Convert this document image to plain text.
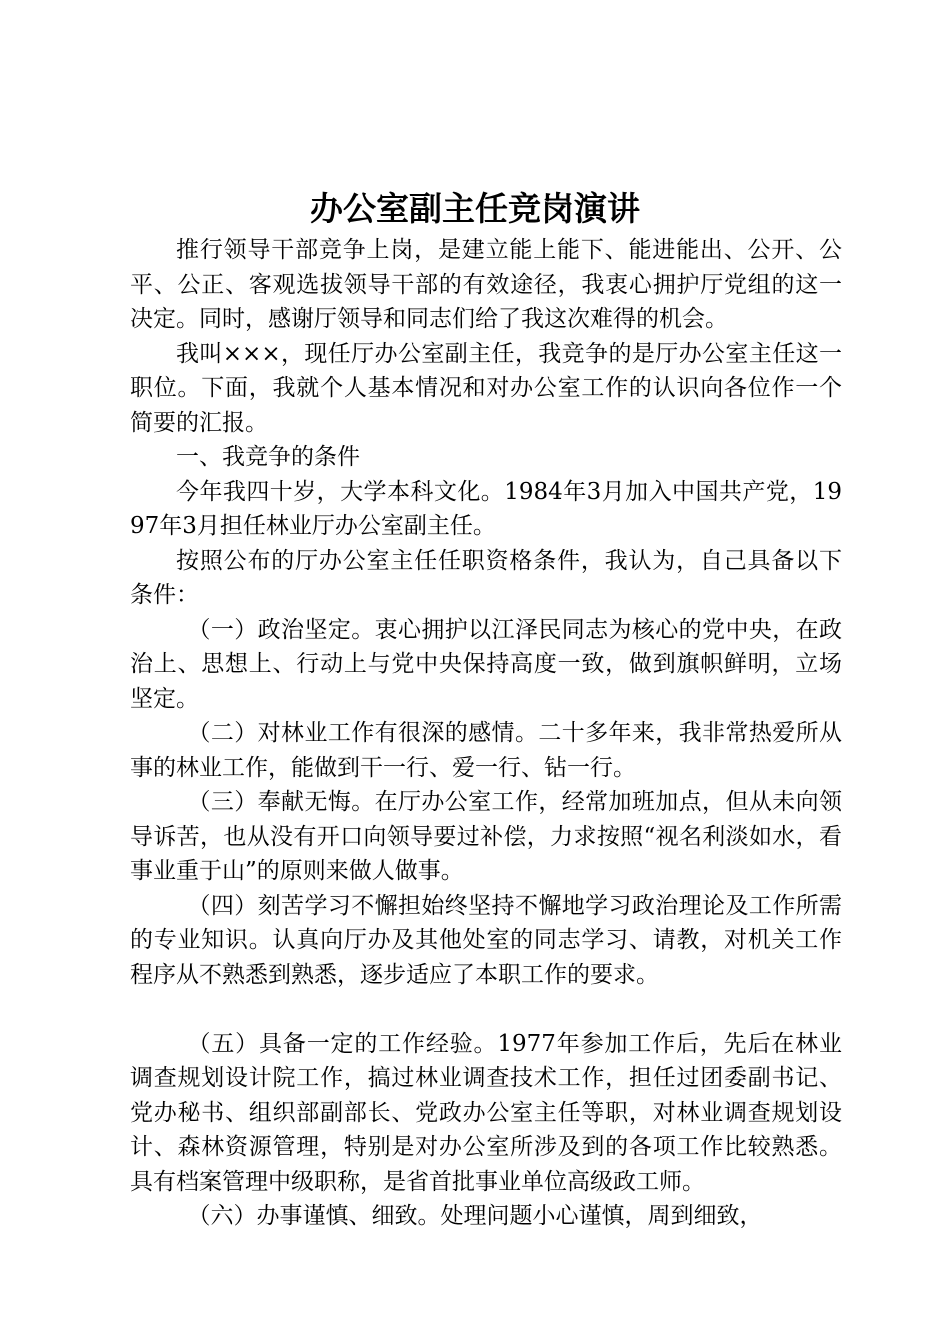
办公室副主任竞岗演讲

推行领导干部竞争上岗，是建立能上能下、能进能出、公开、公平、公正、客观选拔领导干部的有效途径，我衷心拥护厅党组的这一决定。同时，感谢厅领导和同志们给了我这次难得的机会。

我叫×××，现任厅办公室副主任，我竞争的是厅办公室主任这一职位。下面，我就个人基本情况和对办公室工作的认识向各位作一个简要的汇报。

一、我竞争的条件

今年我四十岁，大学本科文化。1984年3月加入中国共产党，1997年3月担任林业厅办公室副主任。

按照公布的厅办公室主任任职资格条件，我认为，自己具备以下条件：

（一）政治坚定。衷心拥护以江泽民同志为核心的党中央，在政治上、思想上、行动上与党中央保持高度一致，做到旗帜鲜明，立场坚定。

（二）对林业工作有很深的感情。二十多年来，我非常热爱所从事的林业工作，能做到干一行、爱一行、钻一行。

（三）奉献无悔。在厅办公室工作，经常加班加点，但从未向领导诉苦，也从没有开口向领导要过补偿，力求按照“视名利淡如水，看事业重于山”的原则来做人做事。

（四）刻苦学习不懈担始终坚持不懈地学习政治理论及工作所需的专业知识。认真向厅办及其他处室的同志学习、请教，对机关工作程序从不熟悉到熟悉，逐步适应了本职工作的要求。

（五）具备一定的工作经验。1977年参加工作后，先后在林业调查规划设计院工作，搞过林业调查技术工作，担任过团委副书记、党办秘书、组织部副部长、党政办公室主任等职，对林业调查规划设计、森林资源管理，特别是对办公室所涉及到的各项工作比较熟悉。具有档案管理中级职称，是省首批事业单位高级政工师。

（六）办事谨慎、细致。处理问题小心谨慎，周到细致，
